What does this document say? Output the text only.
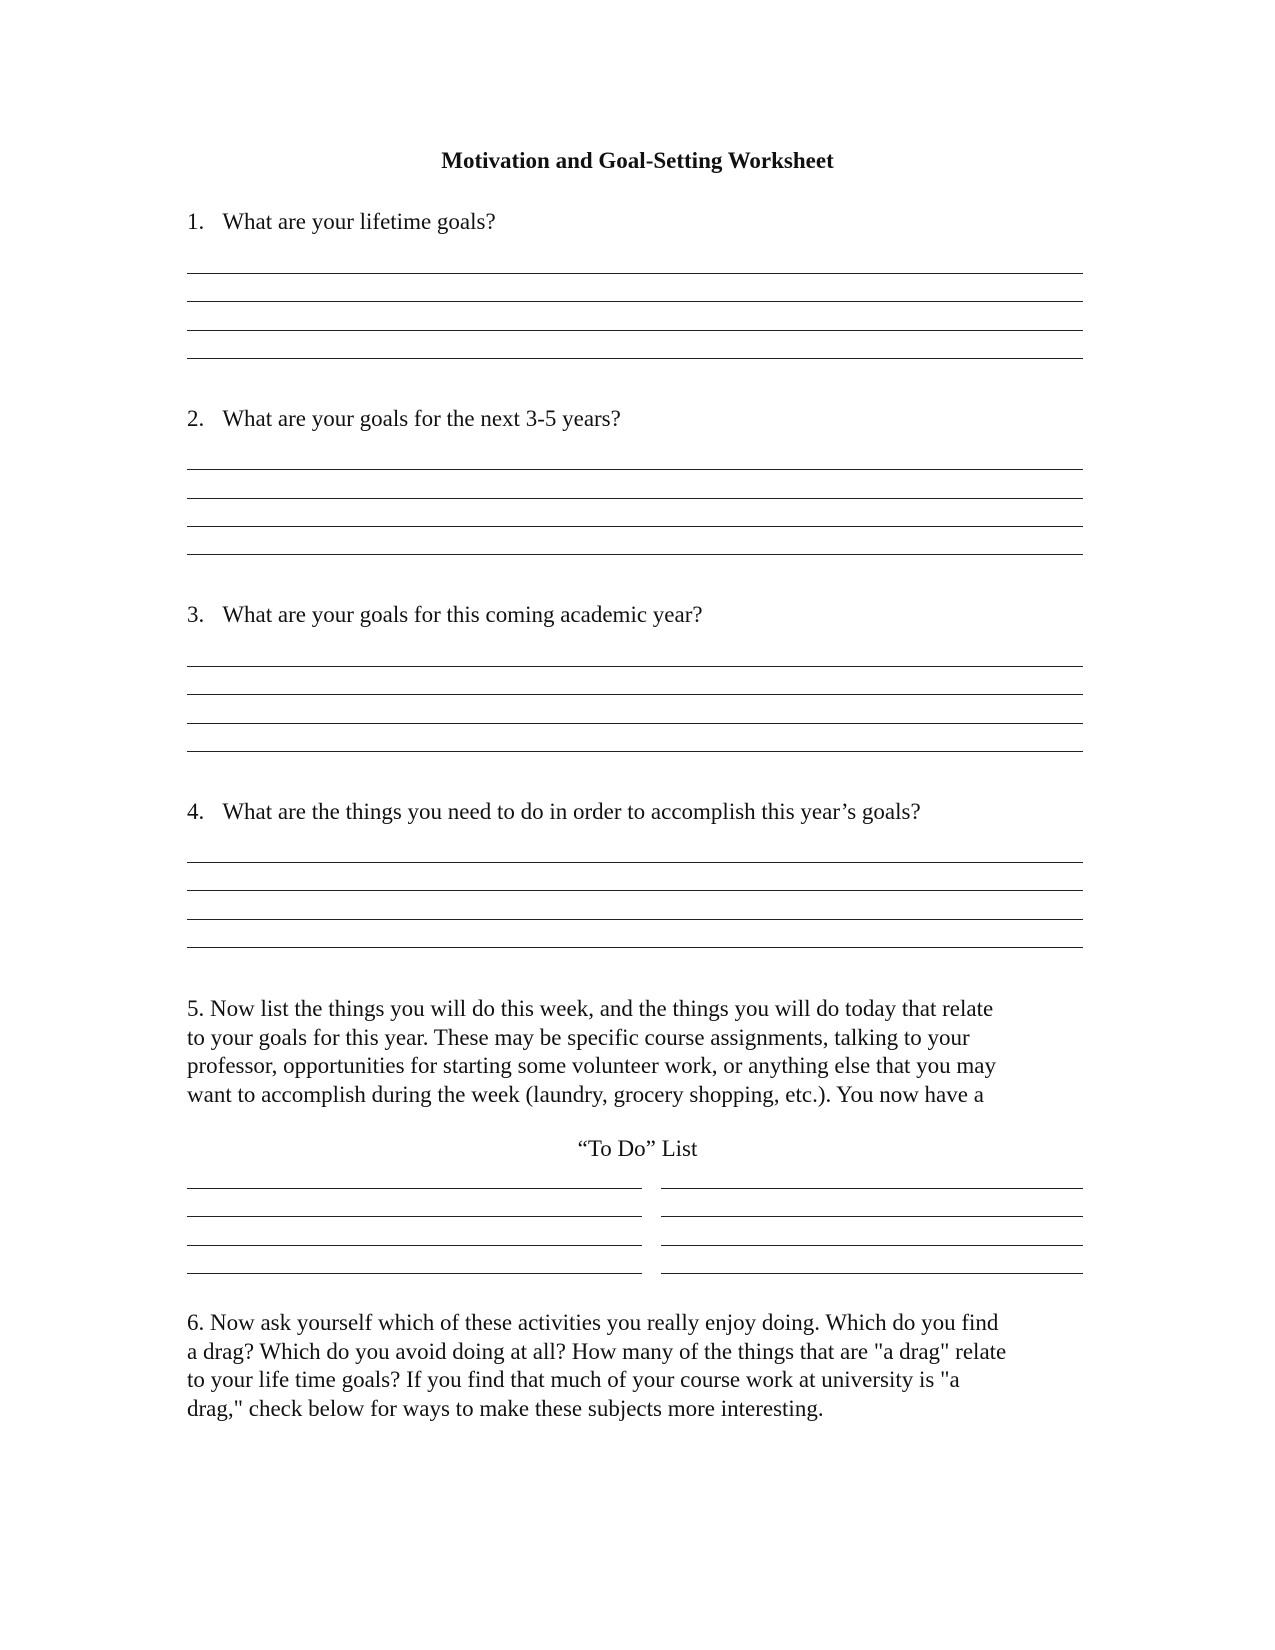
Motivation and Goal-Setting Worksheet
1. What are your lifetime goals?
2. What are your goals for the next 3-5 years?
3. What are your goals for this coming academic year?
4. What are the things you need to do in order to accomplish this year’s goals?
5. Now list the things you will do this week, and the things you will do today that relate
to your goals for this year. These may be specific course assignments, talking to your
professor, opportunities for starting some volunteer work, or anything else that you may
want to accomplish during the week (laundry, grocery shopping, etc.). You now have a
“To Do” List
6. Now ask yourself which of these activities you really enjoy doing. Which do you find
a drag? Which do you avoid doing at all? How many of the things that are "a drag" relate
to your life time goals? If you find that much of your course work at university is "a
drag," check below for ways to make these subjects more interesting.
